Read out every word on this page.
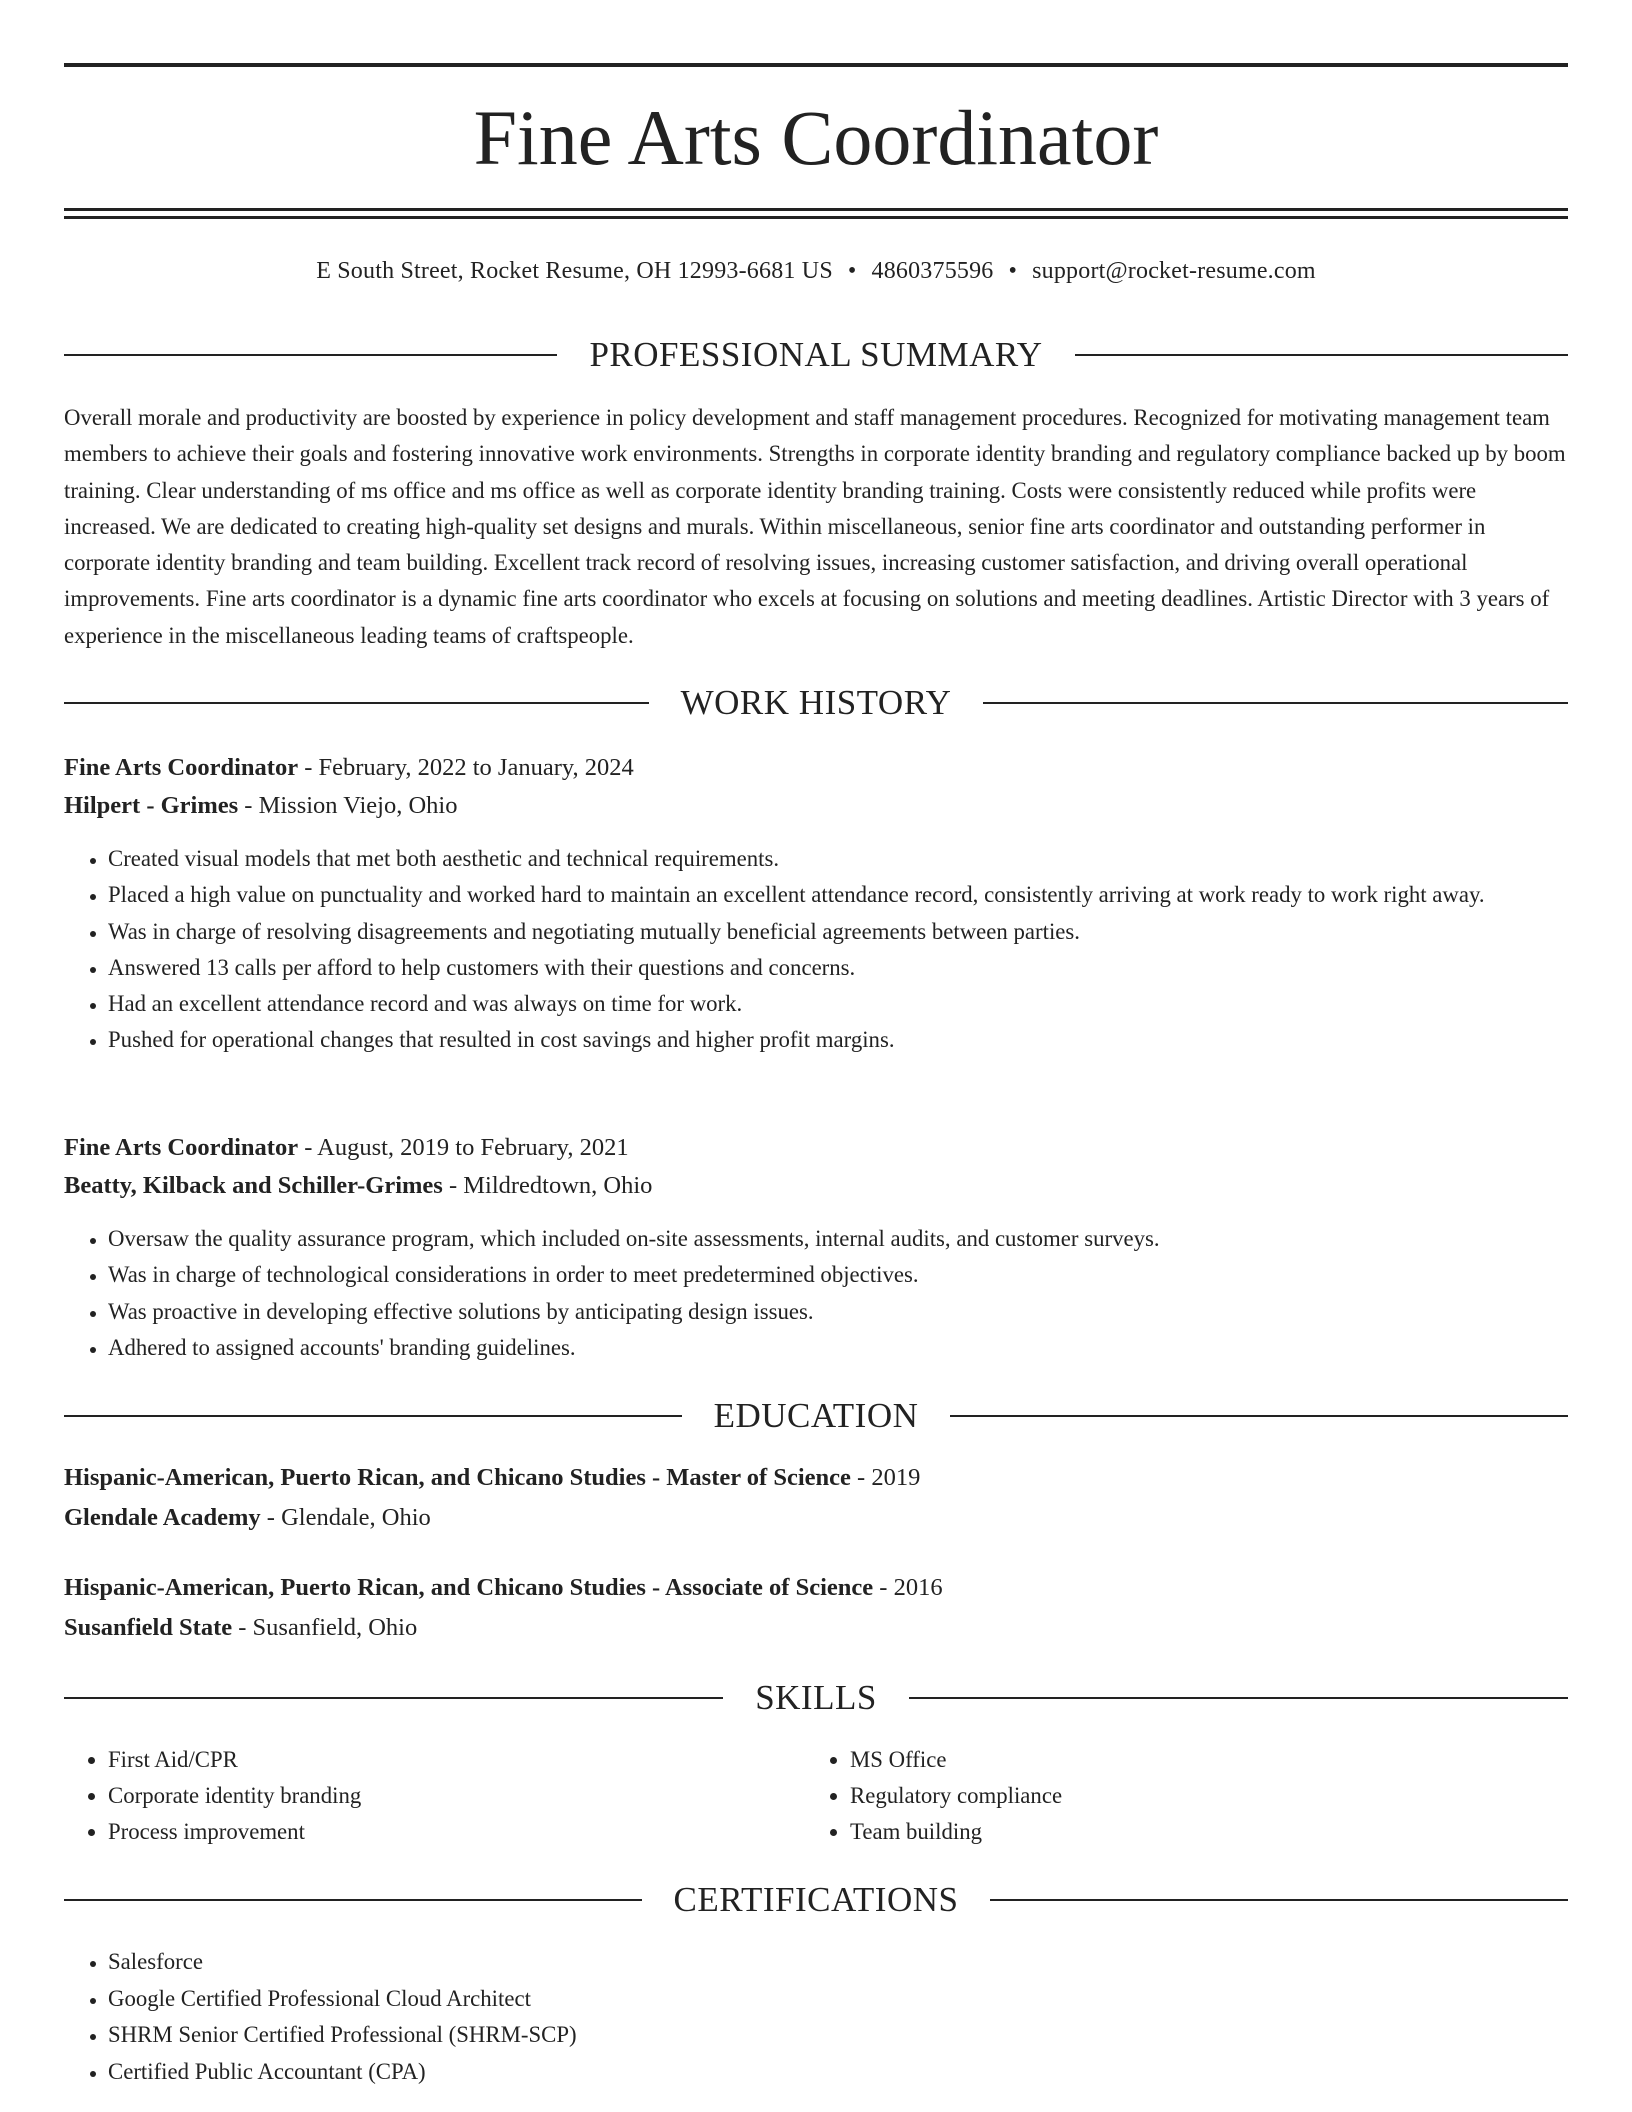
Fine Arts Coordinator
E South Street, Rocket Resume, OH 12993-6681 US • 4860375596 • support@rocket-resume.com
PROFESSIONAL SUMMARY

Overall morale and productivity are boosted by experience in policy development and staff management procedures. Recognized for motivating management team members to achieve their goals and fostering innovative work environments. Strengths in corporate identity branding and regulatory compliance backed up by boom training. Clear understanding of ms office and ms office as well as corporate identity branding training. Costs were consistently reduced while profits were increased. We are dedicated to creating high-quality set designs and murals. Within miscellaneous, senior fine arts coordinator and outstanding performer in corporate identity branding and team building. Excellent track record of resolving issues, increasing customer satisfaction, and driving overall operational improvements. Fine arts coordinator is a dynamic fine arts coordinator who excels at focusing on solutions and meeting deadlines. Artistic Director with 3 years of experience in the miscellaneous leading teams of craftspeople.

WORK HISTORY

Fine Arts Coordinator - February, 2022 to January, 2024

Hilpert - Grimes - Mission Viejo, Ohio

• Created visual models that met both aesthetic and technical requirements.
• Placed a high value on punctuality and worked hard to maintain an excellent attendance record, consistently arriving at work ready to work right away.
• Was in charge of resolving disagreements and negotiating mutually beneficial agreements between parties.
• Answered 13 calls per afford to help customers with their questions and concerns.
• Had an excellent attendance record and was always on time for work.
• Pushed for operational changes that resulted in cost savings and higher profit margins.

Fine Arts Coordinator - August, 2019 to February, 2021

Beatty, Kilback and Schiller-Grimes - Mildredtown, Ohio

• Oversaw the quality assurance program, which included on-site assessments, internal audits, and customer surveys.
• Was in charge of technological considerations in order to meet predetermined objectives.
• Was proactive in developing effective solutions by anticipating design issues.
• Adhered to assigned accounts' branding guidelines.
EDUCATION

Hispanic-American, Puerto Rican, and Chicano Studies - Master of Science - 2019

Glendale Academy - Glendale, Ohio

Hispanic-American, Puerto Rican, and Chicano Studies - Associate of Science - 2016

Susanfield State - Susanfield, Ohio

SKILLS
• First Aid/CPR
• Corporate identity branding
• Process improvement
• MS Office
• Regulatory compliance
• Team building
CERTIFICATIONS
• Salesforce
• Google Certified Professional Cloud Architect
• SHRM Senior Certified Professional (SHRM-SCP)
• Certified Public Accountant (CPA)
